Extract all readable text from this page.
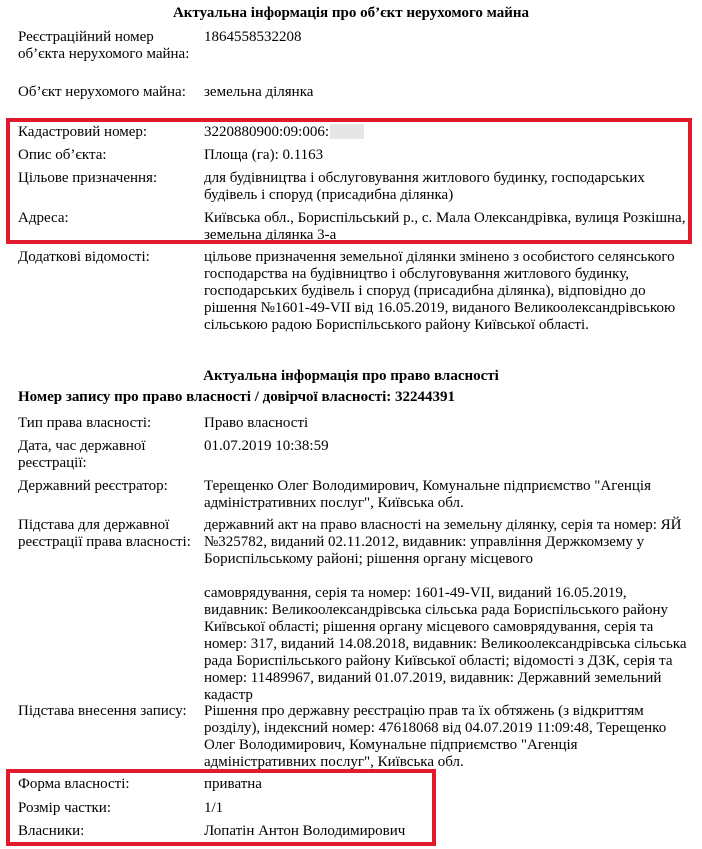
Актуальна інформація про об’єкт нерухомого майна
Реєстраційний номер об’єкта нерухомого майна:
1864558532208
Об’єкт нерухомого майна:	земельна ділянка
Кадастровий номер:	3220880900:09:006:
Опис об’єкта:	Площа (га): 0.1163
Цільове призначення:	для будівництва і обслуговування житлового будинку, господарських будівель і споруд (присадибна ділянка)
Адреса:	Київська обл., Бориспільський р., с. Мала Олександрівка, вулиця Розкішна, земельна ділянка 3-а
Додаткові відомості:	цільове призначення земельної ділянки змінено з особистого селянського господарства на будівництво і обслуговування житлового будинку, господарських будівель і споруд (присадибна ділянка), відповідно до рішення №1601-49-VII від 16.05.2019, виданого Великоолександрівською сільською радою Бориспільського району Київської області.
Актуальна інформація про право власності
Номер запису про право власності / довірчої власності: 32244391
Тип права власності:	Право власності
Дата, час державної реєстрації:
01.07.2019 10:38:59
Державний реєстратор:	Терещенко Олег Володимирович, Комунальне підприємство "Агенція адміністративних послуг", Київська обл.
Підстава для державної реєстрації права власності:
державний акт на право власності на земельну ділянку, серія та номер: ЯЙ №325782, виданий 02.11.2012, видавник: управління Держкомзему у Бориспільському районі; рішення органу місцевого
самоврядування, серія та номер: 1601-49-VII, виданий 16.05.2019, видавник: Великоолександрівська сільська рада Бориспільського району Київської області; рішення органу місцевого самоврядування, серія та номер: 317, виданий 14.08.2018, видавник: Великоолександрівська сільська рада Бориспільського району Київської області; відомості з ДЗК, серія та номер: 11489967, виданий 01.07.2019, видавник: Державний земельний кадастр
Підстава внесення запису:	Рішення про державну реєстрацію прав та їх обтяжень (з відкриттям розділу), індексний номер: 47618068 від 04.07.2019 11:09:48, Терещенко Олег Володимирович, Комунальне підприємство "Агенція адміністративних послуг", Київська обл.
Форма власності:	приватна
Розмір частки:	1/1
Власники:	Лопатін Антон Володимирович
